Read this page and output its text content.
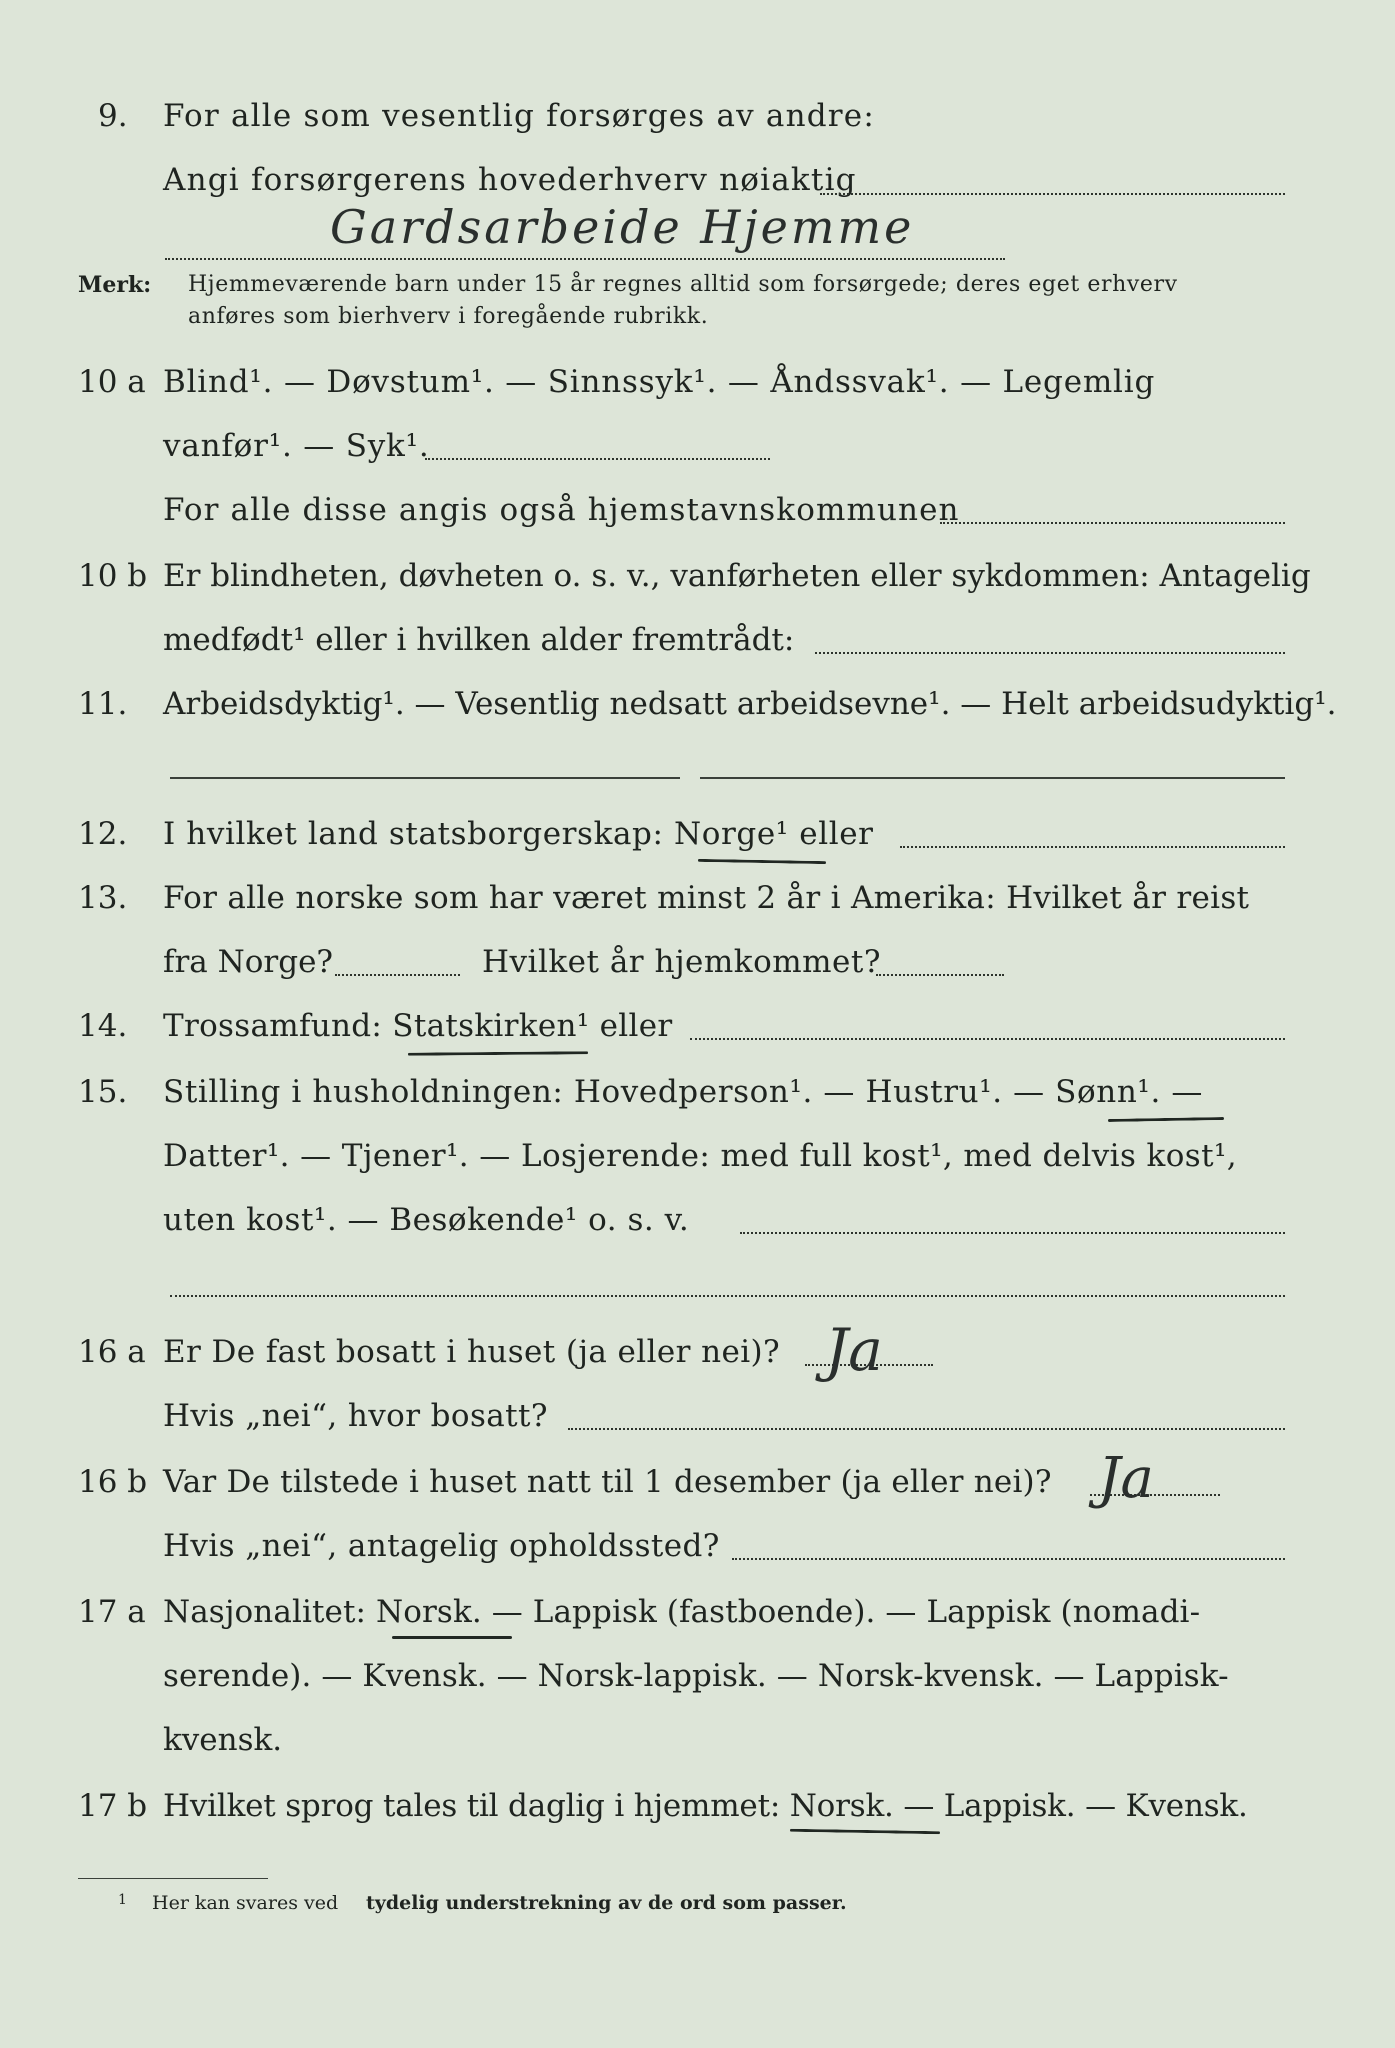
9. For alle som vesentlig forsørges av andre:
Angi forsørgerens hovederhverv nøiaktig
Gardsarbeide Hjemme
Merk: Hjemmeværende barn under 15 år regnes alltid som forsørgede; deres eget erhverv
anføres som bierhverv i foregående rubrikk.
10 a Blind¹. — Døvstum¹. — Sinnssyk¹. — Åndssvak¹. — Legemlig
vanfør¹. — Syk¹.
For alle disse angis også hjemstavnskommunen
10 b Er blindheten, døvheten o. s. v., vanførheten eller sykdommen: Antagelig
medfødt¹ eller i hvilken alder fremtrådt:
11. Arbeidsdyktig¹. — Vesentlig nedsatt arbeidsevne¹. — Helt arbeidsudyktig¹.
12. I hvilket land statsborgerskap: Norge¹ eller
13. For alle norske som har været minst 2 år i Amerika: Hvilket år reist
fra Norge?	Hvilket år hjemkommet?
14. Trossamfund: Statskirken¹ eller
15. Stilling i husholdningen: Hovedperson¹. — Hustru¹. — Sønn¹. —
Datter¹. — Tjener¹. — Losjerende: med full kost¹, med delvis kost¹,
uten kost¹. — Besøkende¹ o. s. v.
16 a Er De fast bosatt i huset (ja eller nei)? Ja
Hvis „nei“, hvor bosatt?
16 b Var De tilstede i huset natt til 1 desember (ja eller nei)? Ja
Hvis „nei“, antagelig opholdssted?
17 a Nasjonalitet: Norsk. — Lappisk (fastboende). — Lappisk (nomadi-
serende). — Kvensk. — Norsk-lappisk. — Norsk-kvensk. — Lappisk-
kvensk.
17 b Hvilket sprog tales til daglig i hjemmet: Norsk. — Lappisk. — Kvensk.
1 Her kan svares ved tydelig understrekning av de ord som passer.
